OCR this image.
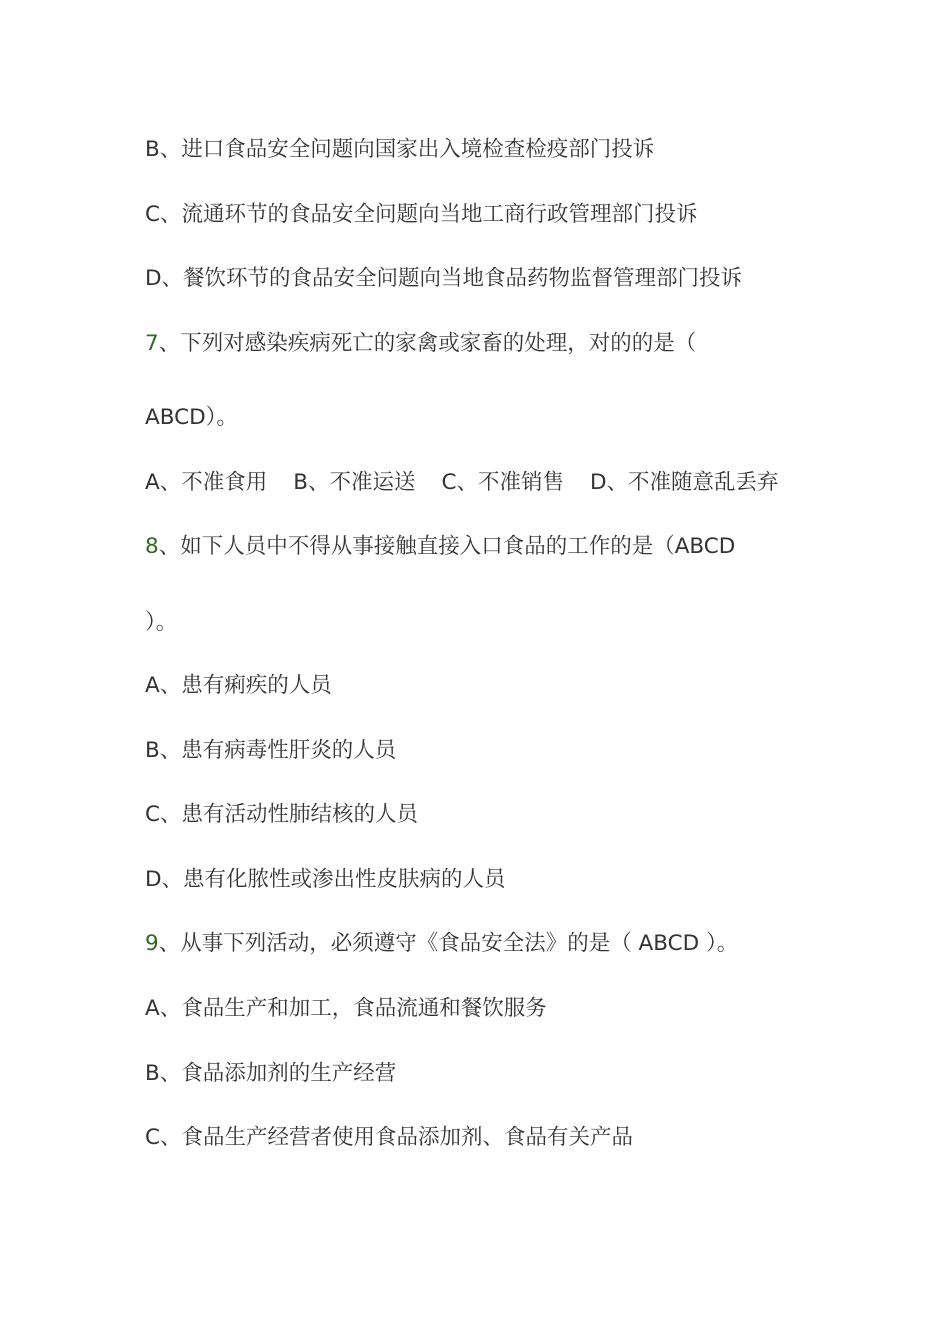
B、进口食品安全问题向国家出入境检查检疫部门投诉
C、流通环节的食品安全问题向当地工商行政管理部门投诉
D、餐饮环节的食品安全问题向当地食品药物监督管理部门投诉
7、下列对感染疾病死亡的家禽或家畜的处理，对的的是（
ABCD）。
A、不准食用 B、不准运送 C、不准销售 D、不准随意乱丢弃
8、如下人员中不得从事接触直接入口食品的工作的是（ABCD
）。
A、患有痢疾的人员
B、患有病毒性肝炎的人员
C、患有活动性肺结核的人员
D、患有化脓性或渗出性皮肤病的人员
9、从事下列活动，必须遵守《食品安全法》的是（ ABCD ）。
A、食品生产和加工，食品流通和餐饮服务
B、食品添加剂的生产经营
C、食品生产经营者使用食品添加剂、食品有关产品
